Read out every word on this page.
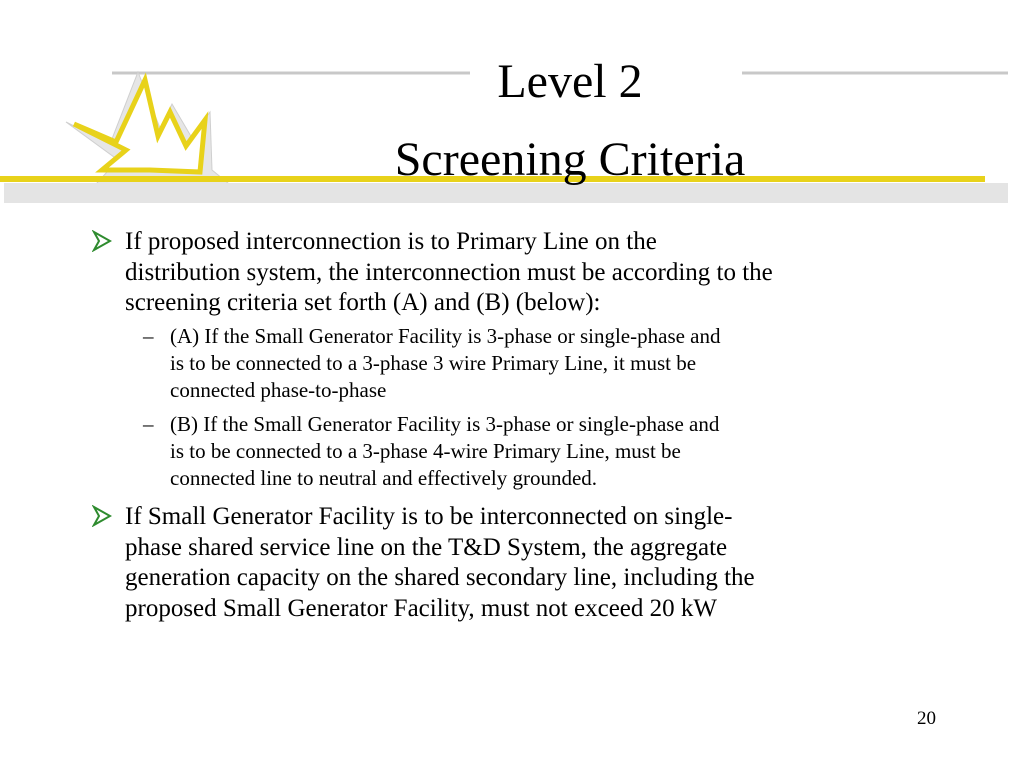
Level 2
Screening Criteria
If proposed interconnection is to Primary Line on the
distribution system, the interconnection must be according to the
screening criteria set forth (A) and (B) (below):
– (A) If the Small Generator Facility is 3-phase or single-phase and
is to be connected to a 3-phase 3 wire Primary Line, it must be
connected phase-to-phase
– (B) If the Small Generator Facility is 3-phase or single-phase and
is to be connected to a 3-phase 4-wire Primary Line, must be
connected line to neutral and effectively grounded.
If Small Generator Facility is to be interconnected on single-
phase shared service line on the T&D System, the aggregate
generation capacity on the shared secondary line, including the
proposed Small Generator Facility, must not exceed 20 kW
20
